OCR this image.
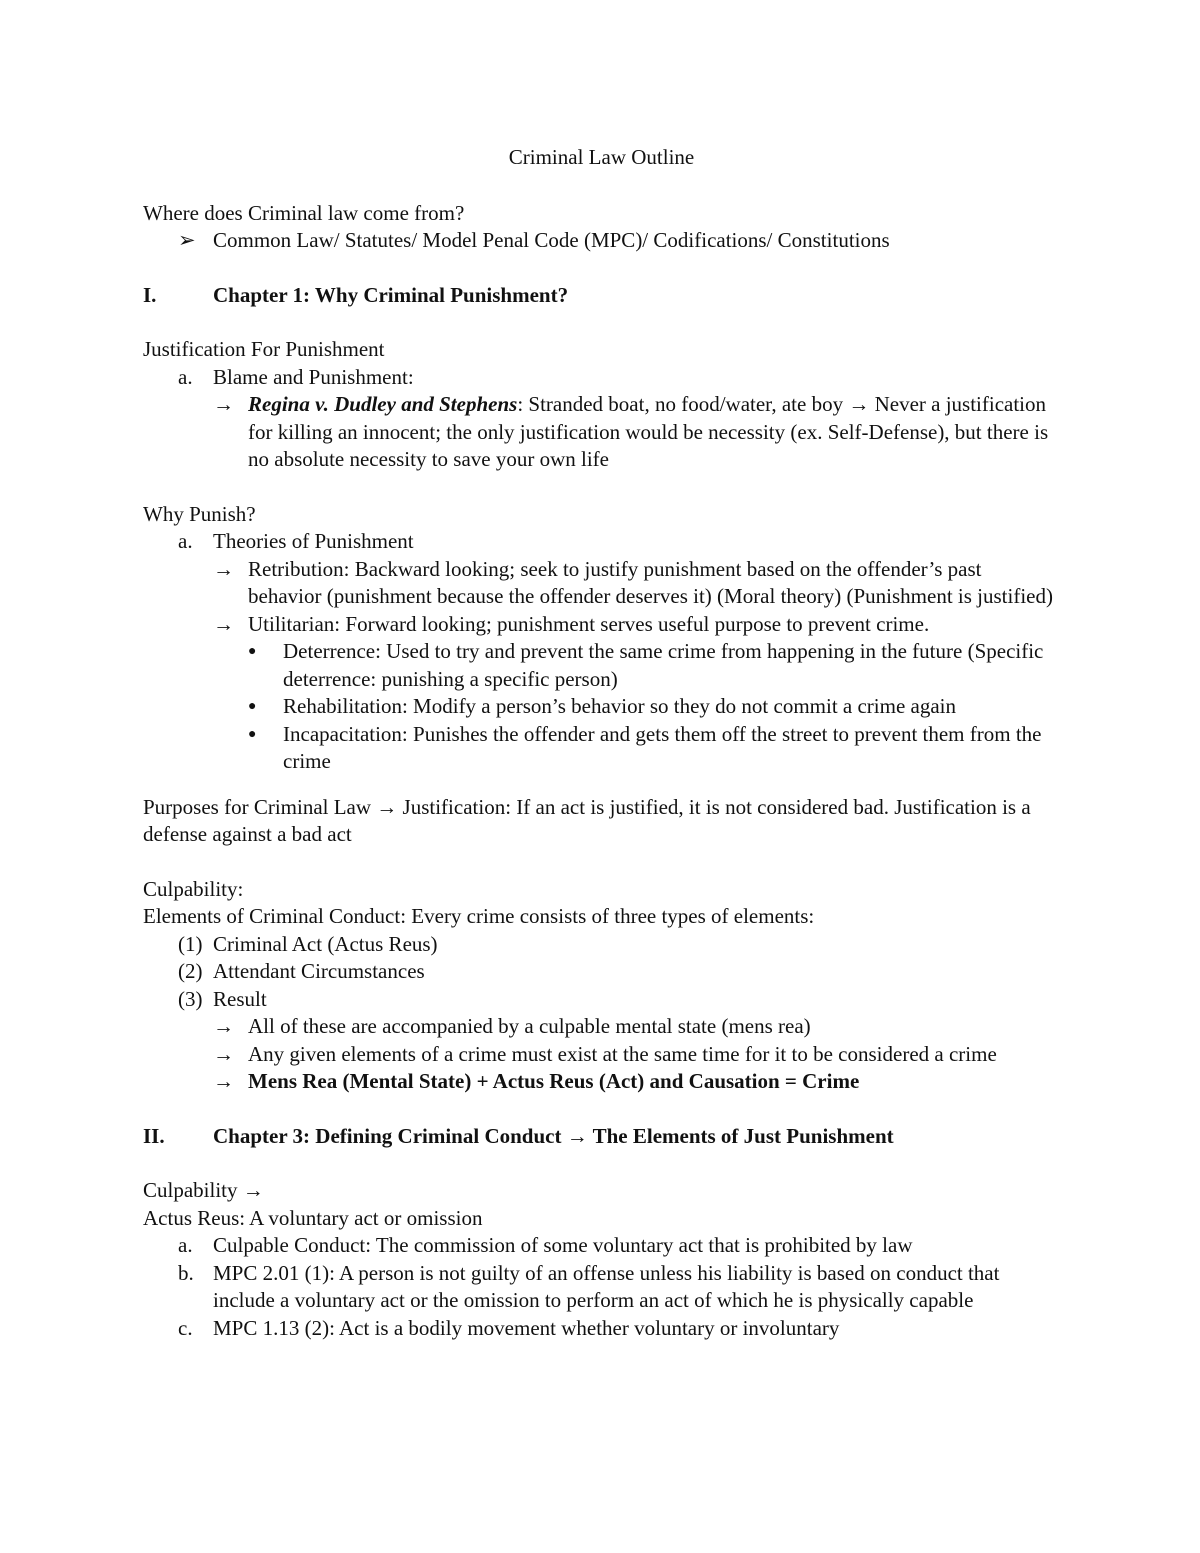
Criminal Law Outline

Where does Criminal law come from?

➢ Common Law/ Statutes/ Model Penal Code (MPC)/ Codifications/ Constitutions
I.	Chapter 1: Why Criminal Punishment?

Justification For Punishment

a. Blame and Punishment:
→ Regina v. Dudley and Stephens: Stranded boat, no food/water, ate boy → Never a justification for killing an innocent; the only justification would be necessity (ex. Self-Defense), but there is no absolute necessity to save your own life

Why Punish?

a. Theories of Punishment
→ Retribution: Backward looking; seek to justify punishment based on the offender’s past behavior (punishment because the offender deserves it) (Moral theory) (Punishment is justified)
→ Utilitarian: Forward looking; punishment serves useful purpose to prevent crime.
●	Deterrence: Used to try and prevent the same crime from happening in the future (Specific deterrence: punishing a specific person)
●	Rehabilitation: Modify a person’s behavior so they do not commit a crime again
●	Incapacitation: Punishes the offender and gets them off the street to prevent them from the crime

Purposes for Criminal Law → Justification: If an act is justified, it is not considered bad. Justification is a defense against a bad act

Culpability:

Elements of Criminal Conduct: Every crime consists of three types of elements:

(1) Criminal Act (Actus Reus)
(2) Attendant Circumstances
(3) Result
→ All of these are accompanied by a culpable mental state (mens rea)
→ Any given elements of a crime must exist at the same time for it to be considered a crime
→ Mens Rea (Mental State) + Actus Reus (Act) and Causation = Crime
II.	Chapter 3: Defining Criminal Conduct → The Elements of Just Punishment

Culpability →

Actus Reus: A voluntary act or omission

a. Culpable Conduct: The commission of some voluntary act that is prohibited by law
b. MPC 2.01 (1): A person is not guilty of an offense unless his liability is based on conduct that include a voluntary act or the omission to perform an act of which he is physically capable
c. MPC 1.13 (2): Act is a bodily movement whether voluntary or involuntary
